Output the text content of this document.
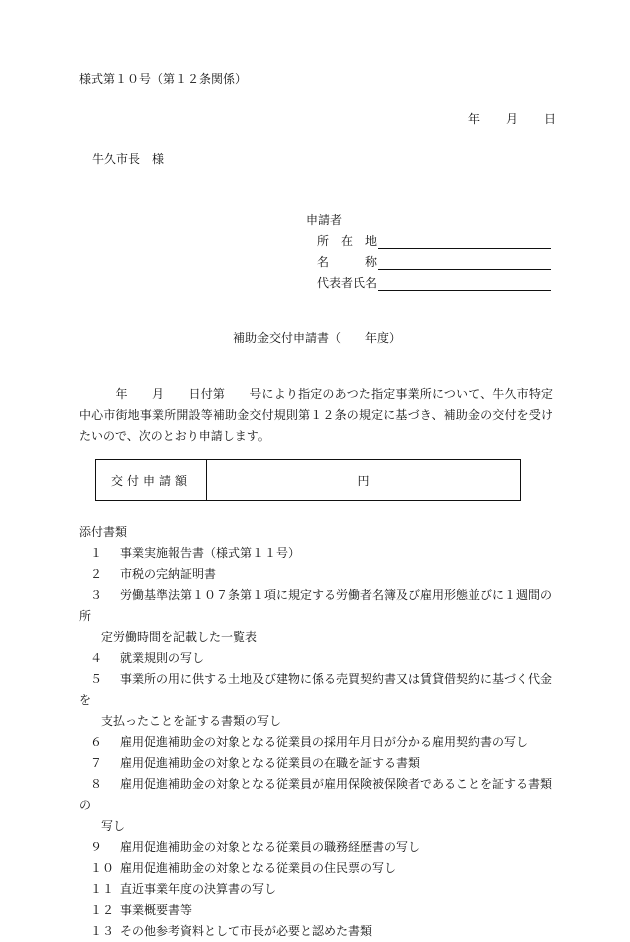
様式第１０号（第１２条関係）
年 月 日
牛久市長　様
申請者
所　在　地
名　　　称
代表者氏名
補助金交付申請書（　　年度）
　　　年　　月　　日付第　　号により指定のあつた指定事業所について、牛久市特定中心市街地事業所開設等補助金交付規則第１２条の規定に基づき、補助金の交付を受けたいので、次のとおり申請します。
交付申請額	円
添付書類
１ 事業実施報告書（様式第１１号）
２ 市税の完納証明書
３ 労働基準法第１０７条第１項に規定する労働者名簿及び雇用形態並びに１週間の所
定労働時間を記載した一覧表
４ 就業規則の写し
５ 事業所の用に供する土地及び建物に係る売買契約書又は賃貸借契約に基づく代金を
支払ったことを証する書類の写し
６ 雇用促進補助金の対象となる従業員の採用年月日が分かる雇用契約書の写し
７ 雇用促進補助金の対象となる従業員の在職を証する書類
８ 雇用促進補助金の対象となる従業員が雇用保険被保険者であることを証する書類の
写し
９ 雇用促進補助金の対象となる従業員の職務経歴書の写し
１０ 雇用促進補助金の対象となる従業員の住民票の写し
１１ 直近事業年度の決算書の写し
１２ 事業概要書等
１３ その他参考資料として市長が必要と認めた書類
